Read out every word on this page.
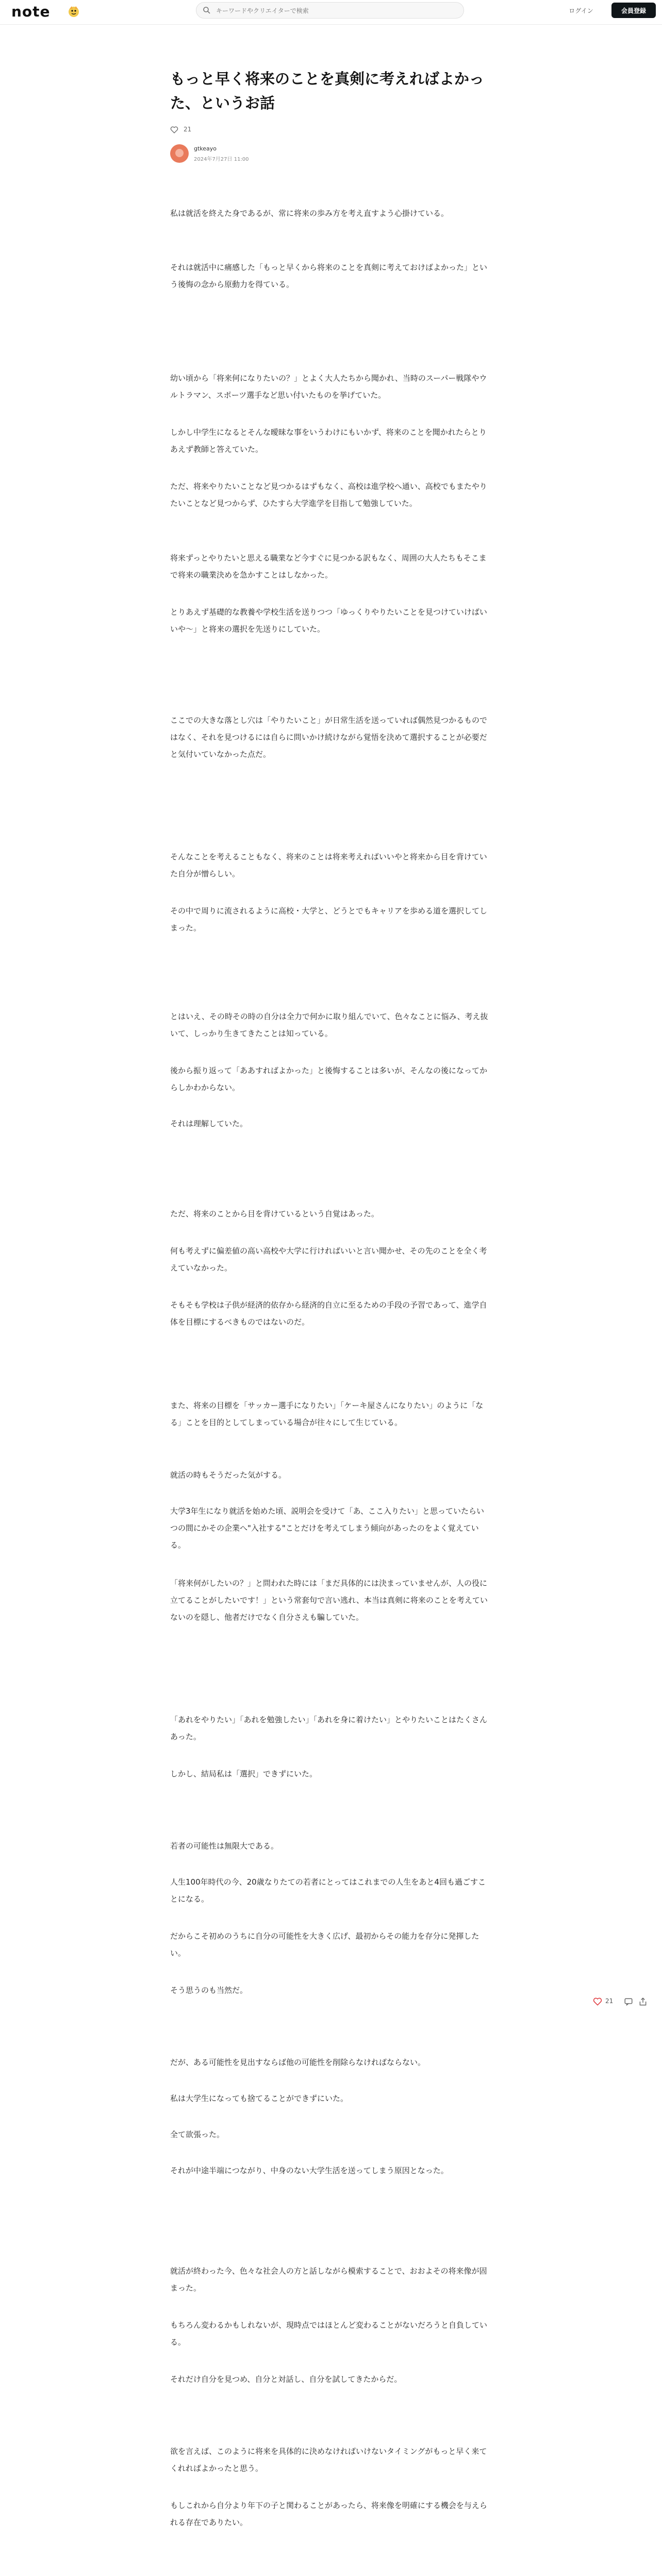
note
キーワードやクリエイターで検索	ログイン	会員登録
もっと早く将来のことを真剣に考えればよかった、というお話
21
gtkeayo
2024年7月27日 11:00

私は就活を終えた身であるが、常に将来の歩み方を考え直すよう心掛けている。

それは就活中に痛感した「もっと早くから将来のことを真剣に考えておけばよかった」という後悔の念から原動力を得ている。

幼い頃から「将来何になりたいの？」とよく大人たちから聞かれ、当時のスーパー戦隊やウルトラマン、スポーツ選手など思い付いたものを挙げていた。

しかし中学生になるとそんな曖昧な事をいうわけにもいかず、将来のことを聞かれたらとりあえず教師と答えていた。

ただ、将来やりたいことなど見つかるはずもなく、高校は進学校へ通い、高校でもまたやりたいことなど見つからず、ひたすら大学進学を目指して勉強していた。

将来ずっとやりたいと思える職業など今すぐに見つかる訳もなく、周囲の大人たちもそこまで将来の職業決めを急かすことはしなかった。

とりあえず基礎的な教養や学校生活を送りつつ「ゆっくりやりたいことを見つけていけばいいや〜」と将来の選択を先送りにしていた。

ここでの大きな落とし穴は「やりたいこと」が日常生活を送っていれば偶然見つかるものではなく、それを見つけるには自らに問いかけ続けながら覚悟を決めて選択することが必要だと気付いていなかった点だ。

そんなことを考えることもなく、将来のことは将来考えればいいやと将来から目を背けていた自分が憎らしい。

その中で周りに流されるように高校・大学と、どうとでもキャリアを歩める道を選択してしまった。

とはいえ、その時その時の自分は全力で何かに取り組んでいて、色々なことに悩み、考え抜いて、しっかり生きてきたことは知っている。

後から振り返って「ああすればよかった」と後悔することは多いが、そんなの後になってからしかわからない。

それは理解していた。

ただ、将来のことから目を背けているという自覚はあった。

何も考えずに偏差値の高い高校や大学に行ければいいと言い聞かせ、その先のことを全く考えていなかった。

そもそも学校は子供が経済的依存から経済的自立に至るための手段の予習であって、進学自体を目標にするべきものではないのだ。

また、将来の目標を「サッカー選手になりたい」「ケーキ屋さんになりたい」のように「なる」ことを目的としてしまっている場合が往々にして生じている。

就活の時もそうだった気がする。

大学3年生になり就活を始めた頃、説明会を受けて「あ、ここ入りたい」と思っていたらいつの間にかその企業へ"入社する"ことだけを考えてしまう傾向があったのをよく覚えている。

「将来何がしたいの？」と問われた時には「まだ具体的には決まっていませんが、人の役に立てることがしたいです！」という常套句で言い逃れ、本当は真剣に将来のことを考えていないのを隠し、他者だけでなく自分さえも騙していた。

「あれをやりたい」「あれを勉強したい」「あれを身に着けたい」とやりたいことはたくさんあった。

しかし、結局私は「選択」できずにいた。

若者の可能性は無限大である。

人生100年時代の今、20歳なりたての若者にとってはこれまでの人生をあと4回も過ごすことになる。

だからこそ初めのうちに自分の可能性を大きく広げ、最初からその能力を存分に発揮したい。

そう思うのも当然だ。

だが、ある可能性を見出すならば他の可能性を削除らなければならない。

私は大学生になっても捨てることができずにいた。

全て欲張った。

それが中途半端につながり、中身のない大学生活を送ってしまう原因となった。

就活が終わった今、色々な社会人の方と話しながら模索することで、おおよその将来像が固まった。

もちろん変わるかもしれないが、現時点ではほとんど変わることがないだろうと自負している。

それだけ自分を見つめ、自分と対話し、自分を試してきたからだ。

欲を言えば、このように将来を具体的に決めなければいけないタイミングがもっと早く来てくれればよかったと思う。

もしこれから自分より年下の子と関わることがあったら、将来像を明確にする機会を与えられる存在でありたい。

21
